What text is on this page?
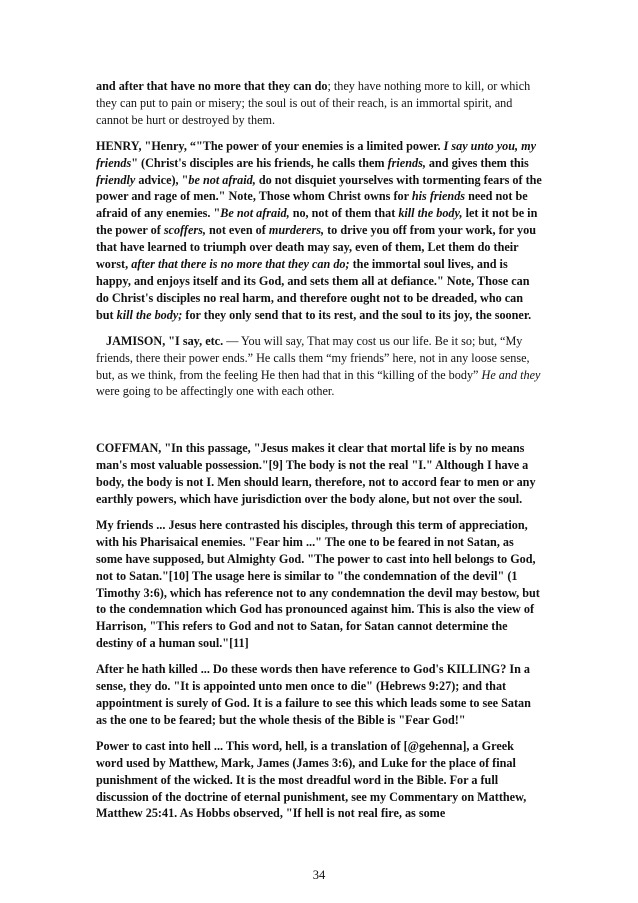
and after that have no more that they can do; they have nothing more to kill, or which they can put to pain or misery; the soul is out of their reach, is an immortal spirit, and cannot be hurt or destroyed by them.

HENRY, "Henry, “"The power of your enemies is a limited power. I say unto you, my friends" (Christ's disciples are his friends, he calls them friends, and gives them this friendly advice), "be not afraid, do not disquiet yourselves with tormenting fears of the power and rage of men." Note, Those whom Christ owns for his friends need not be afraid of any enemies. "Be not afraid, no, not of them that kill the body, let it not be in the power of scoffers, not even of murderers, to drive you off from your work, for you that have learned to triumph over death may say, even of them, Let them do their worst, after that there is no more that they can do; the immortal soul lives, and is happy, and enjoys itself and its God, and sets them all at defiance." Note, Those can do Christ's disciples no real harm, and therefore ought not to be dreaded, who can but kill the body; for they only send that to its rest, and the soul to its joy, the sooner.

JAMISON, "I say, etc. — You will say, That may cost us our life. Be it so; but, “My friends, there their power ends.” He calls them “my friends” here, not in any loose sense, but, as we think, from the feeling He then had that in this “killing of the body” He and they were going to be affectingly one with each other.

COFFMAN, "In this passage, "Jesus makes it clear that mortal life is by no means man's most valuable possession."[9] The body is not the real "I." Although I have a body, the body is not I. Men should learn, therefore, not to accord fear to men or any earthly powers, which have jurisdiction over the body alone, but not over the soul.

My friends ... Jesus here contrasted his disciples, through this term of appreciation, with his Pharisaical enemies. "Fear him ..." The one to be feared in not Satan, as some have supposed, but Almighty God. "The power to cast into hell belongs to God, not to Satan."[10] The usage here is similar to "the condemnation of the devil" (1 Timothy 3:6), which has reference not to any condemnation the devil may bestow, but to the condemnation which God has pronounced against him. This is also the view of Harrison, "This refers to God and not to Satan, for Satan cannot determine the destiny of a human soul."[11]

After he hath killed ... Do these words then have reference to God's KILLING? In a sense, they do. "It is appointed unto men once to die" (Hebrews 9:27); and that appointment is surely of God. It is a failure to see this which leads some to see Satan as the one to be feared; but the whole thesis of the Bible is "Fear God!"

Power to cast into hell ... This word, hell, is a translation of [@gehenna], a Greek word used by Matthew, Mark, James (James 3:6), and Luke for the place of final punishment of the wicked. It is the most dreadful word in the Bible. For a full discussion of the doctrine of eternal punishment, see my Commentary on Matthew, Matthew 25:41. As Hobbs observed, "If hell is not real fire, as some

34
